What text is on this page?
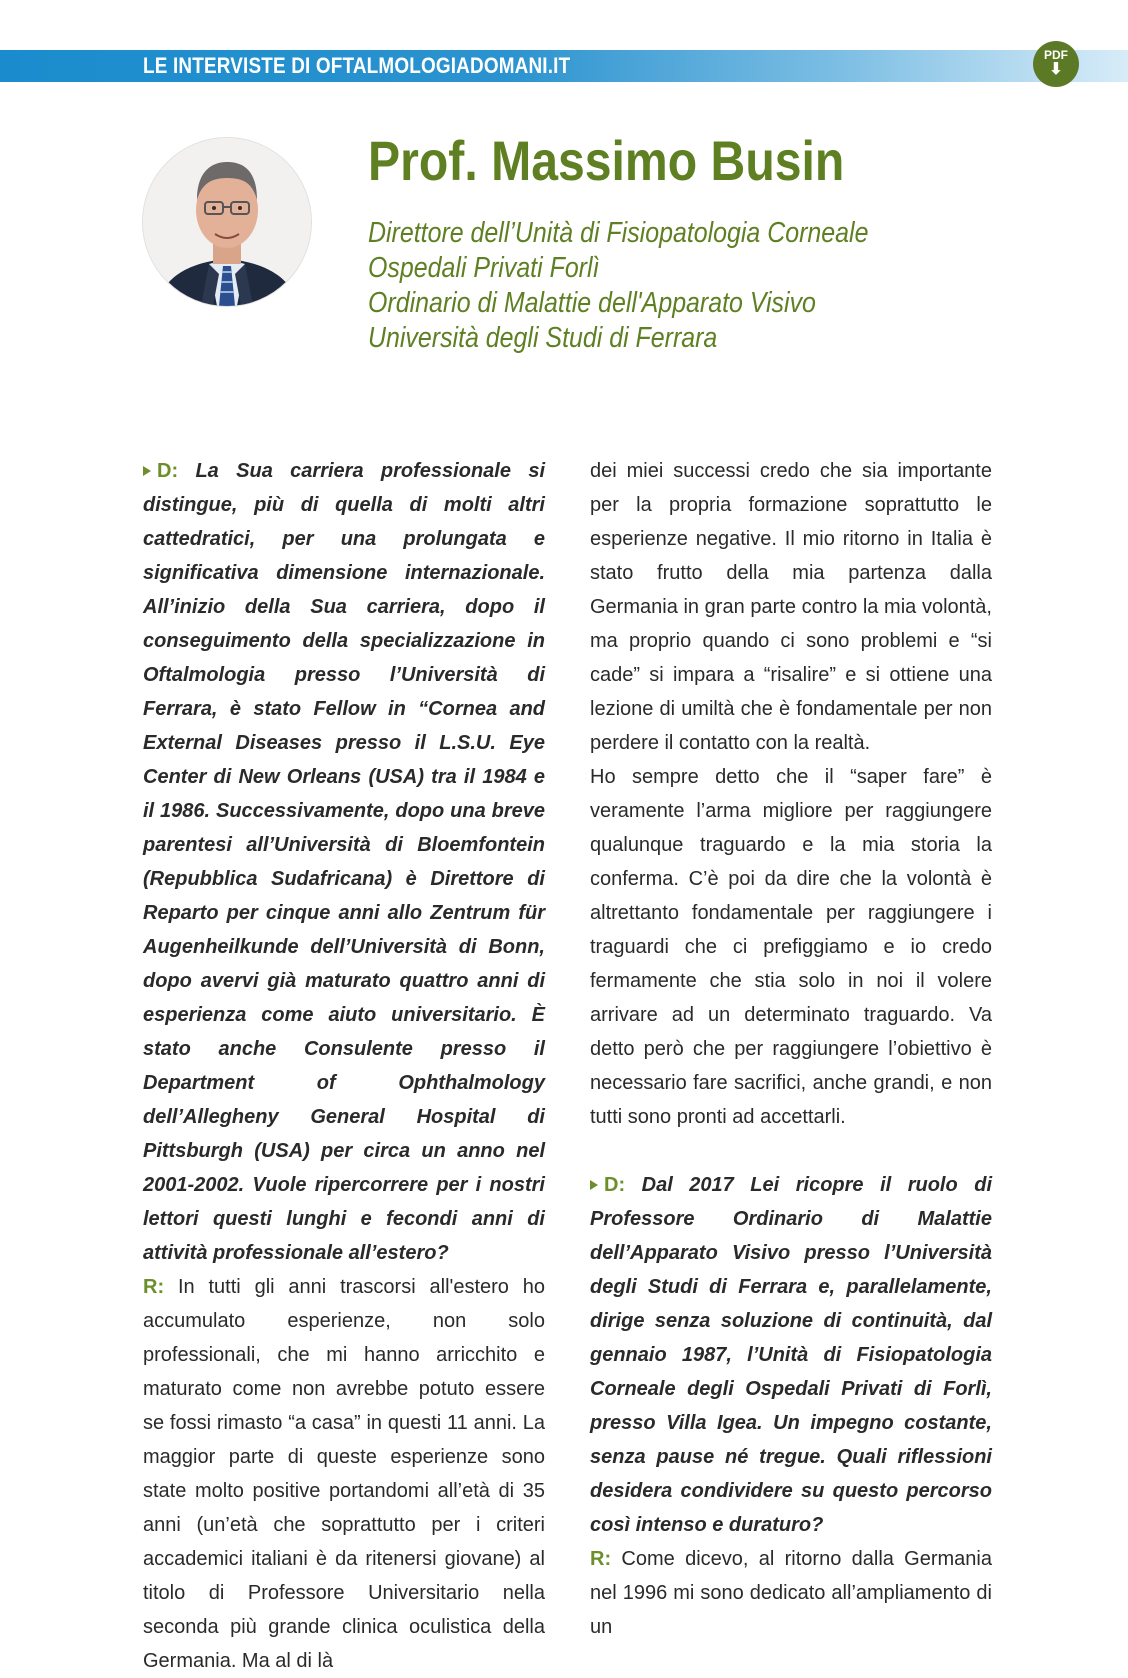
LE INTERVISTE DI OFTALMOLOGIADOMANI.IT	PDF
⬇
Prof. Massimo Busin
Direttore dell’Unità di Fisiopatologia Corneale
Ospedali Privati Forlì
Ordinario di Malattie dell'Apparato Visivo
Università degli Studi di Ferrara

D: La Sua carriera professionale si distingue, più di quella di molti altri cattedratici, per una prolungata e significativa dimensione internazionale. All’inizio della Sua carriera, dopo il conseguimento della specializzazione in Oftalmologia presso l’Università di Ferrara, è stato Fellow in “Cornea and External Diseases presso il L.S.U. Eye Center di New Orleans (USA) tra il 1984 e il 1986. Successivamente, dopo una breve parentesi all’Università di Bloemfontein (Repubblica Sudafricana) è Direttore di Reparto per cinque anni allo Zentrum für Augenheilkunde dell’Università di Bonn, dopo avervi già maturato quattro anni di esperienza come aiuto universitario. È stato anche Consulente presso il Department of Ophthalmology dell’Allegheny General Hospital di Pittsburgh (USA) per circa un anno nel 2001-2002. Vuole ripercorrere per i nostri lettori questi lunghi e fecondi anni di attività professionale all’estero?

R: In tutti gli anni trascorsi all'estero ho accumulato esperienze, non solo professionali, che mi hanno arricchito e maturato come non avrebbe potuto essere se fossi rimasto “a casa” in questi 11 anni. La maggior parte di queste esperienze sono state molto positive portandomi all’età di 35 anni (un’età che soprattutto per i criteri accademici italiani è da ritenersi giovane) al titolo di Professore Universitario nella seconda più grande clinica oculistica della Germania. Ma al di là

dei miei successi credo che sia importante per la propria formazione soprattutto le esperienze negative. Il mio ritorno in Italia è stato frutto della mia partenza dalla Germania in gran parte contro la mia volontà, ma proprio quando ci sono problemi e “si cade” si impara a “risalire” e si ottiene una lezione di umiltà che è fondamentale per non perdere il contatto con la realtà.

Ho sempre detto che il “saper fare” è veramente l’arma migliore per raggiungere qualunque traguardo e la mia storia la conferma. C’è poi da dire che la volontà è altrettanto fondamentale per raggiungere i traguardi che ci prefiggiamo e io credo fermamente che stia solo in noi il volere arrivare ad un determinato traguardo. Va detto però che per raggiungere l’obiettivo è necessario fare sacrifici, anche grandi, e non tutti sono pronti ad accettarli.

D: Dal 2017 Lei ricopre il ruolo di Professore Ordinario di Malattie dell’Apparato Visivo presso l’Università degli Studi di Ferrara e, parallelamente, dirige senza soluzione di continuità, dal gennaio 1987, l’Unità di Fisiopatologia Corneale degli Ospedali Privati di Forlì, presso Villa Igea. Un impegno costante, senza pause né tregue. Quali riflessioni desidera condividere su questo percorso così intenso e duraturo?

R: Come dicevo, al ritorno dalla Germania nel 1996 mi sono dedicato all’ampliamento di un
